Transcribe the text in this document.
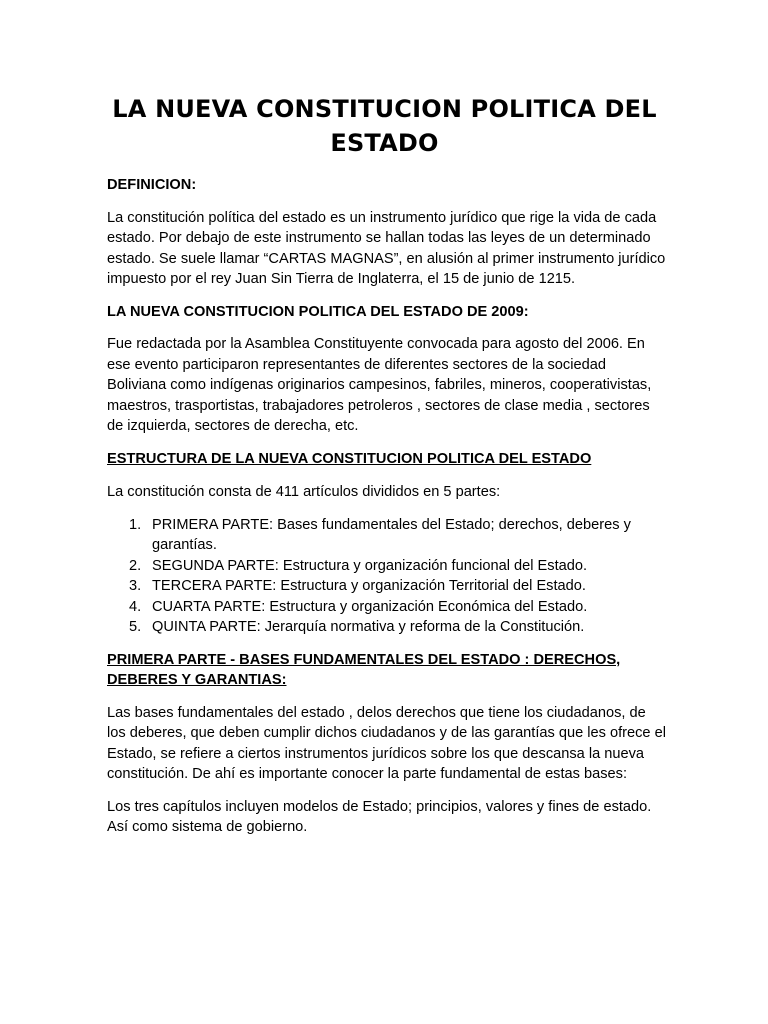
LA NUEVA CONSTITUCION POLITICA DEL ESTADO

DEFINICION:

La constitución política del estado es un instrumento jurídico que rige la vida de cada estado. Por debajo de este instrumento se hallan todas las leyes de un determinado estado. Se suele llamar “CARTAS MAGNAS”, en alusión al primer instrumento jurídico impuesto por el rey Juan Sin Tierra de Inglaterra, el 15 de junio de 1215.

LA NUEVA CONSTITUCION POLITICA DEL ESTADO DE 2009:

Fue redactada por la Asamblea Constituyente convocada para agosto del 2006. En ese evento participaron representantes de diferentes sectores de la sociedad Boliviana como indígenas originarios campesinos, fabriles, mineros, cooperativistas, maestros, trasportistas, trabajadores petroleros , sectores de clase media , sectores de izquierda, sectores de derecha, etc.

ESTRUCTURA DE LA NUEVA CONSTITUCION POLITICA DEL ESTADO

La constitución consta de 411 artículos divididos en 5 partes:

1. PRIMERA PARTE: Bases fundamentales del Estado; derechos, deberes y garantías.
2. SEGUNDA PARTE: Estructura y organización funcional del Estado.
3. TERCERA PARTE: Estructura y organización Territorial del Estado.
4. CUARTA PARTE: Estructura y organización Económica del Estado.
5. QUINTA PARTE: Jerarquía normativa y reforma de la Constitución.

PRIMERA PARTE - BASES FUNDAMENTALES DEL ESTADO : DERECHOS, DEBERES Y GARANTIAS:

Las bases fundamentales del estado , delos derechos que tiene los ciudadanos, de los deberes, que deben cumplir dichos ciudadanos y de las garantías que les ofrece el Estado, se refiere a ciertos instrumentos jurídicos sobre los que descansa la nueva constitución. De ahí es importante conocer la parte fundamental de estas bases:

Los tres capítulos incluyen modelos de Estado; principios, valores y fines de estado. Así como sistema de gobierno.
